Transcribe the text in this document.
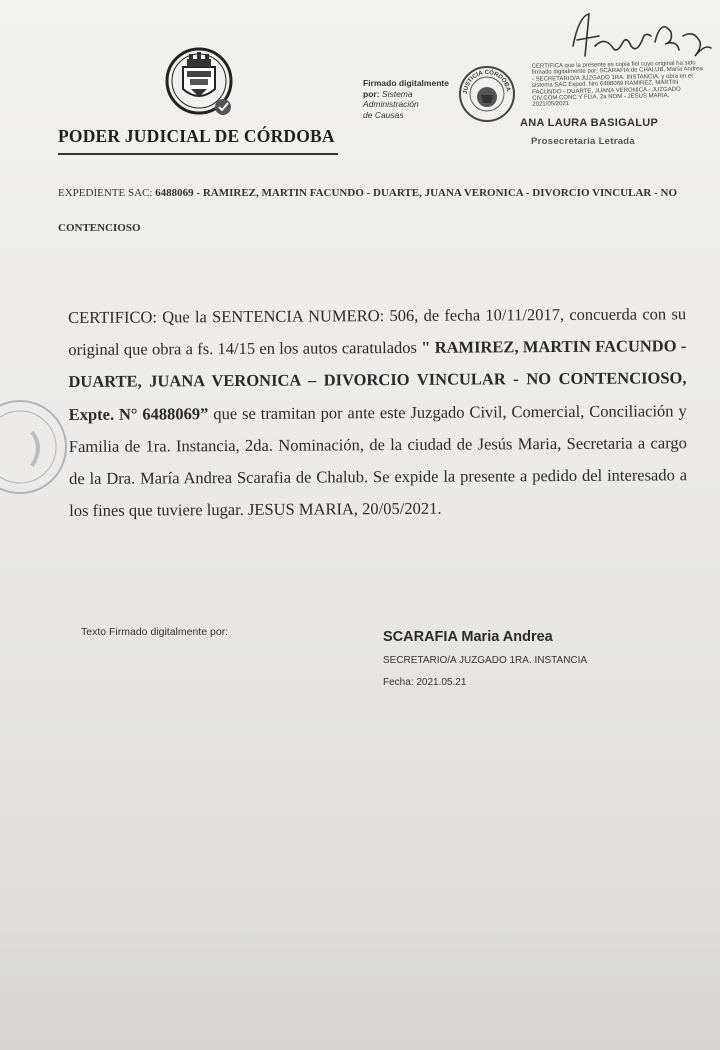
PODER JUDICIAL DE CÓRDOBA
Firmado digitalmente
por: Sistema
Administración
de Causas
JUSTICIA CÓRDOBA
CERTIFICA que la presente es copia fiel cuyo original ha sido firmado digitalmente por: SCARAFIA de CHALUB, María Andrea - SECRETARIO/A JUZGADO 1RA. INSTANCIA, y obra en el sistema SAC Exped. Nro 6488069 RAMIREZ, MARTIN FACUNDO - DUARTE, JUANA VERONICA - JUZGADO CIV.COM.CONC.Y FLIA. 2a NOM - JESUS MARIA, 2021/05/2021
ANA LAURA BASIGALUP
Prosecretaria Letrada
EXPEDIENTE SAC: 6488069 - RAMIREZ, MARTIN FACUNDO - DUARTE, JUANA VERONICA - DIVORCIO VINCULAR - NO CONTENCIOSO
CERTIFICO: Que la SENTENCIA NUMERO: 506, de fecha 10/11/2017, concuerda con su original que obra a fs. 14/15 en los autos caratulados " RAMIREZ, MARTIN FACUNDO - DUARTE, JUANA VERONICA – DIVORCIO VINCULAR - NO CONTENCIOSO, Expte. N° 6488069” que se tramitan por ante este Juzgado Civil, Comercial, Conciliación y Familia de 1ra. Instancia, 2da. Nominación, de la ciudad de Jesús Maria, Secretaria a cargo de la Dra. María Andrea Scarafia de Chalub. Se expide la presente a pedido del interesado a los fines que tuviere lugar. JESUS MARIA, 20/05/2021.
Texto Firmado digitalmente por:	SCARAFIA Maria Andrea
SECRETARIO/A JUZGADO 1RA. INSTANCIA
Fecha: 2021.05.21
